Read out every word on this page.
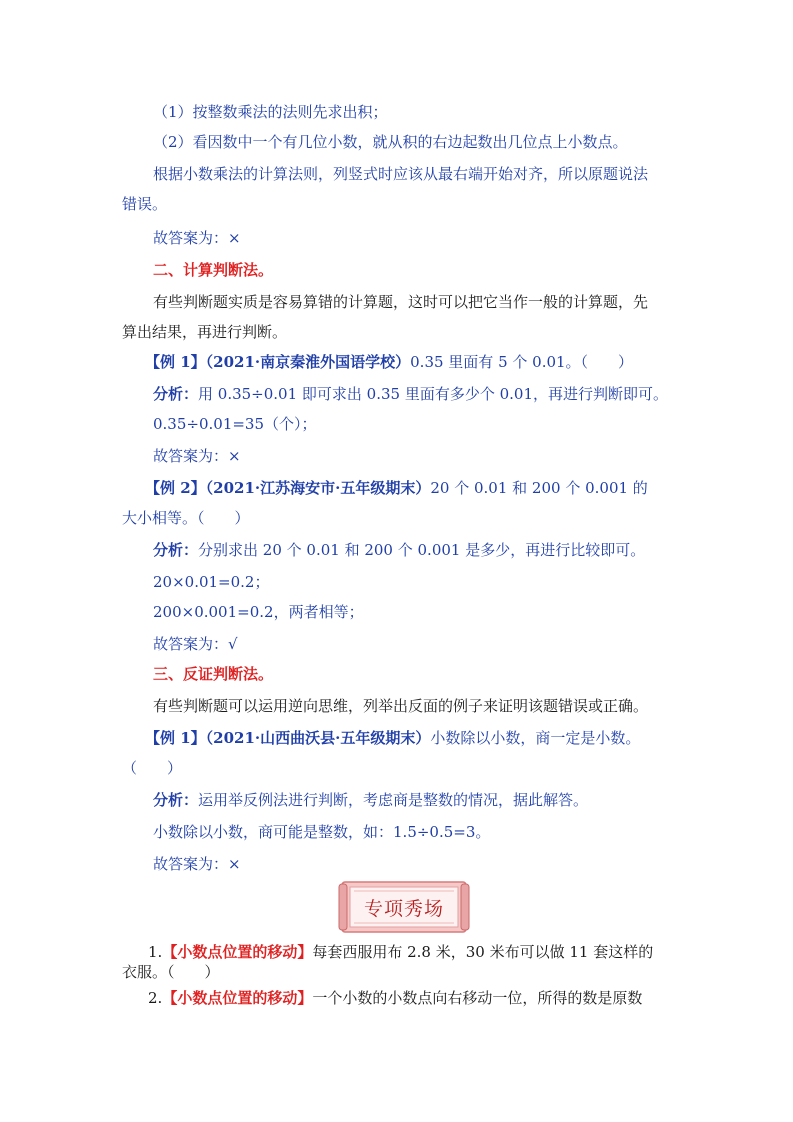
（1）按整数乘法的法则先求出积；
（2）看因数中一个有几位小数，就从积的右边起数出几位点上小数点。
根据小数乘法的计算法则，列竖式时应该从最右端开始对齐，所以原题说法
错误。
故答案为：×
二、计算判断法。
有些判断题实质是容易算错的计算题，这时可以把它当作一般的计算题，先
算出结果，再进行判断。
【例 1】（2021·南京秦淮外国语学校）0.35 里面有 5 个 0.01。（　　）
分析：用 0.35÷0.01 即可求出 0.35 里面有多少个 0.01，再进行判断即可。
0.35÷0.01=35（个）；
故答案为：×
【例 2】（2021·江苏海安市·五年级期末）20 个 0.01 和 200 个 0.001 的
大小相等。（　　）
分析：分别求出 20 个 0.01 和 200 个 0.001 是多少，再进行比较即可。
20×0.01=0.2；
200×0.001=0.2，两者相等；
故答案为：√
三、反证判断法。
有些判断题可以运用逆向思维，列举出反面的例子来证明该题错误或正确。
【例 1】（2021·山西曲沃县·五年级期末）小数除以小数，商一定是小数。
（　　）
分析：运用举反例法进行判断，考虑商是整数的情况，据此解答。
小数除以小数，商可能是整数，如：1.5÷0.5=3。
故答案为：×
专项秀场
1.【小数点位置的移动】每套西服用布 2.8 米，30 米布可以做 11 套这样的
衣服。（　　）
2.【小数点位置的移动】一个小数的小数点向右移动一位，所得的数是原数
